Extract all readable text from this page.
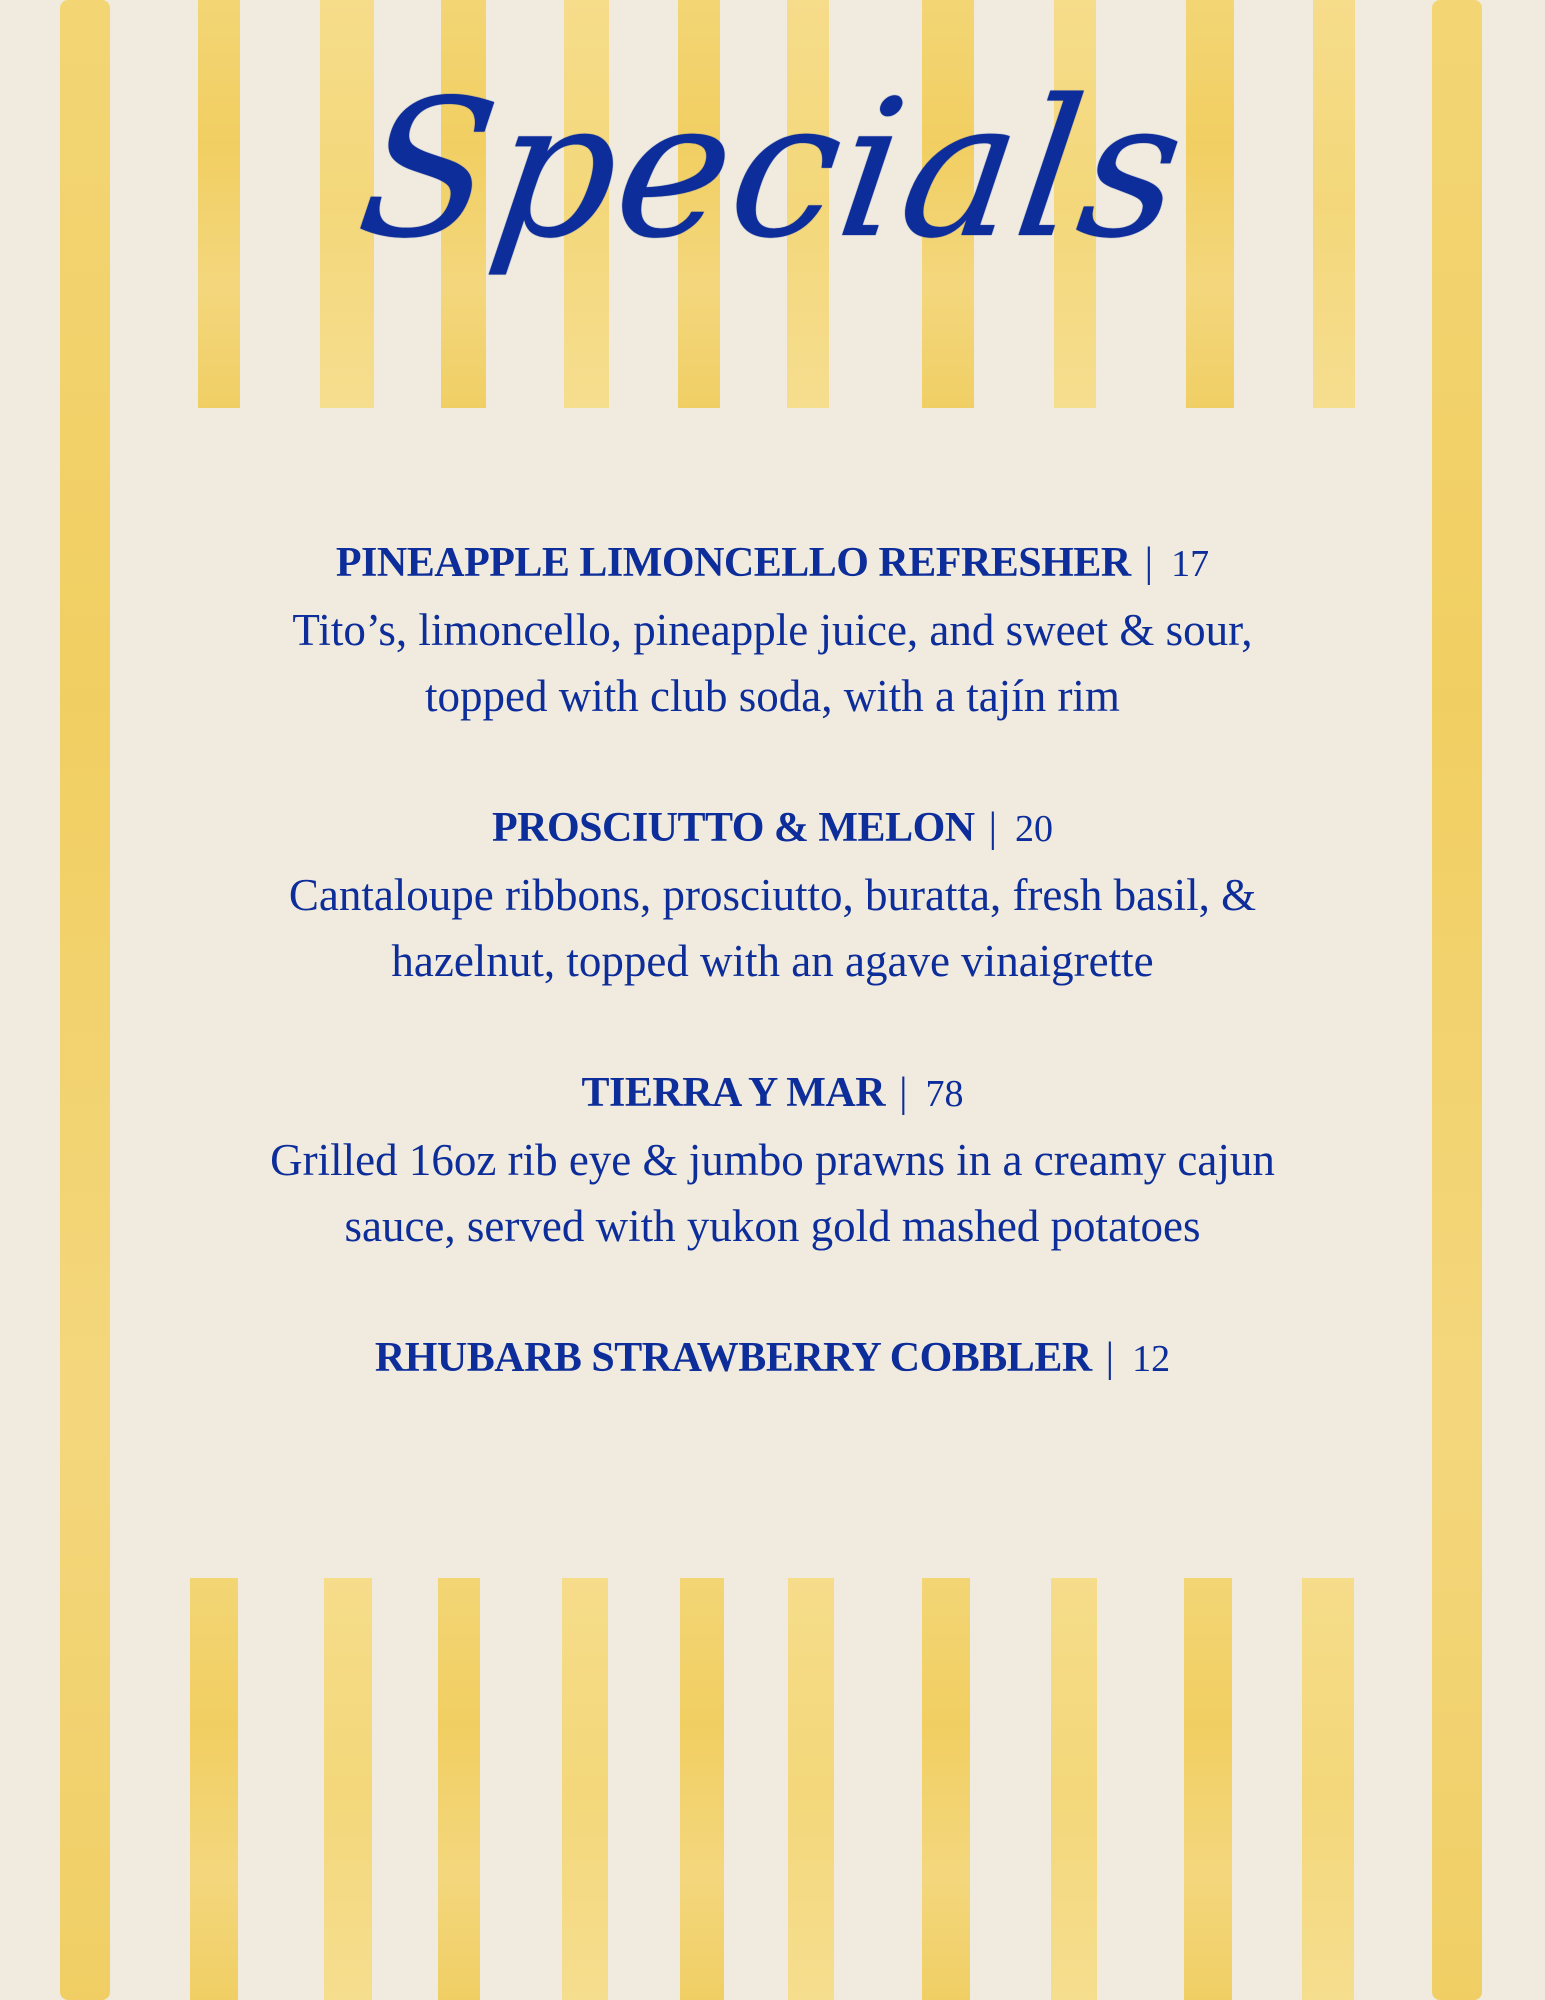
Specials
PINEAPPLE LIMONCELLO REFRESHER | 17
Tito’s, limoncello, pineapple juice, and sweet & sour,
topped with club soda, with a tajín rim
PROSCIUTTO & MELON | 20
Cantaloupe ribbons, prosciutto, buratta, fresh basil, &
hazelnut, topped with an agave vinaigrette
TIERRA Y MAR | 78
Grilled 16oz rib eye & jumbo prawns in a creamy cajun
sauce, served with yukon gold mashed potatoes
RHUBARB STRAWBERRY COBBLER | 12
